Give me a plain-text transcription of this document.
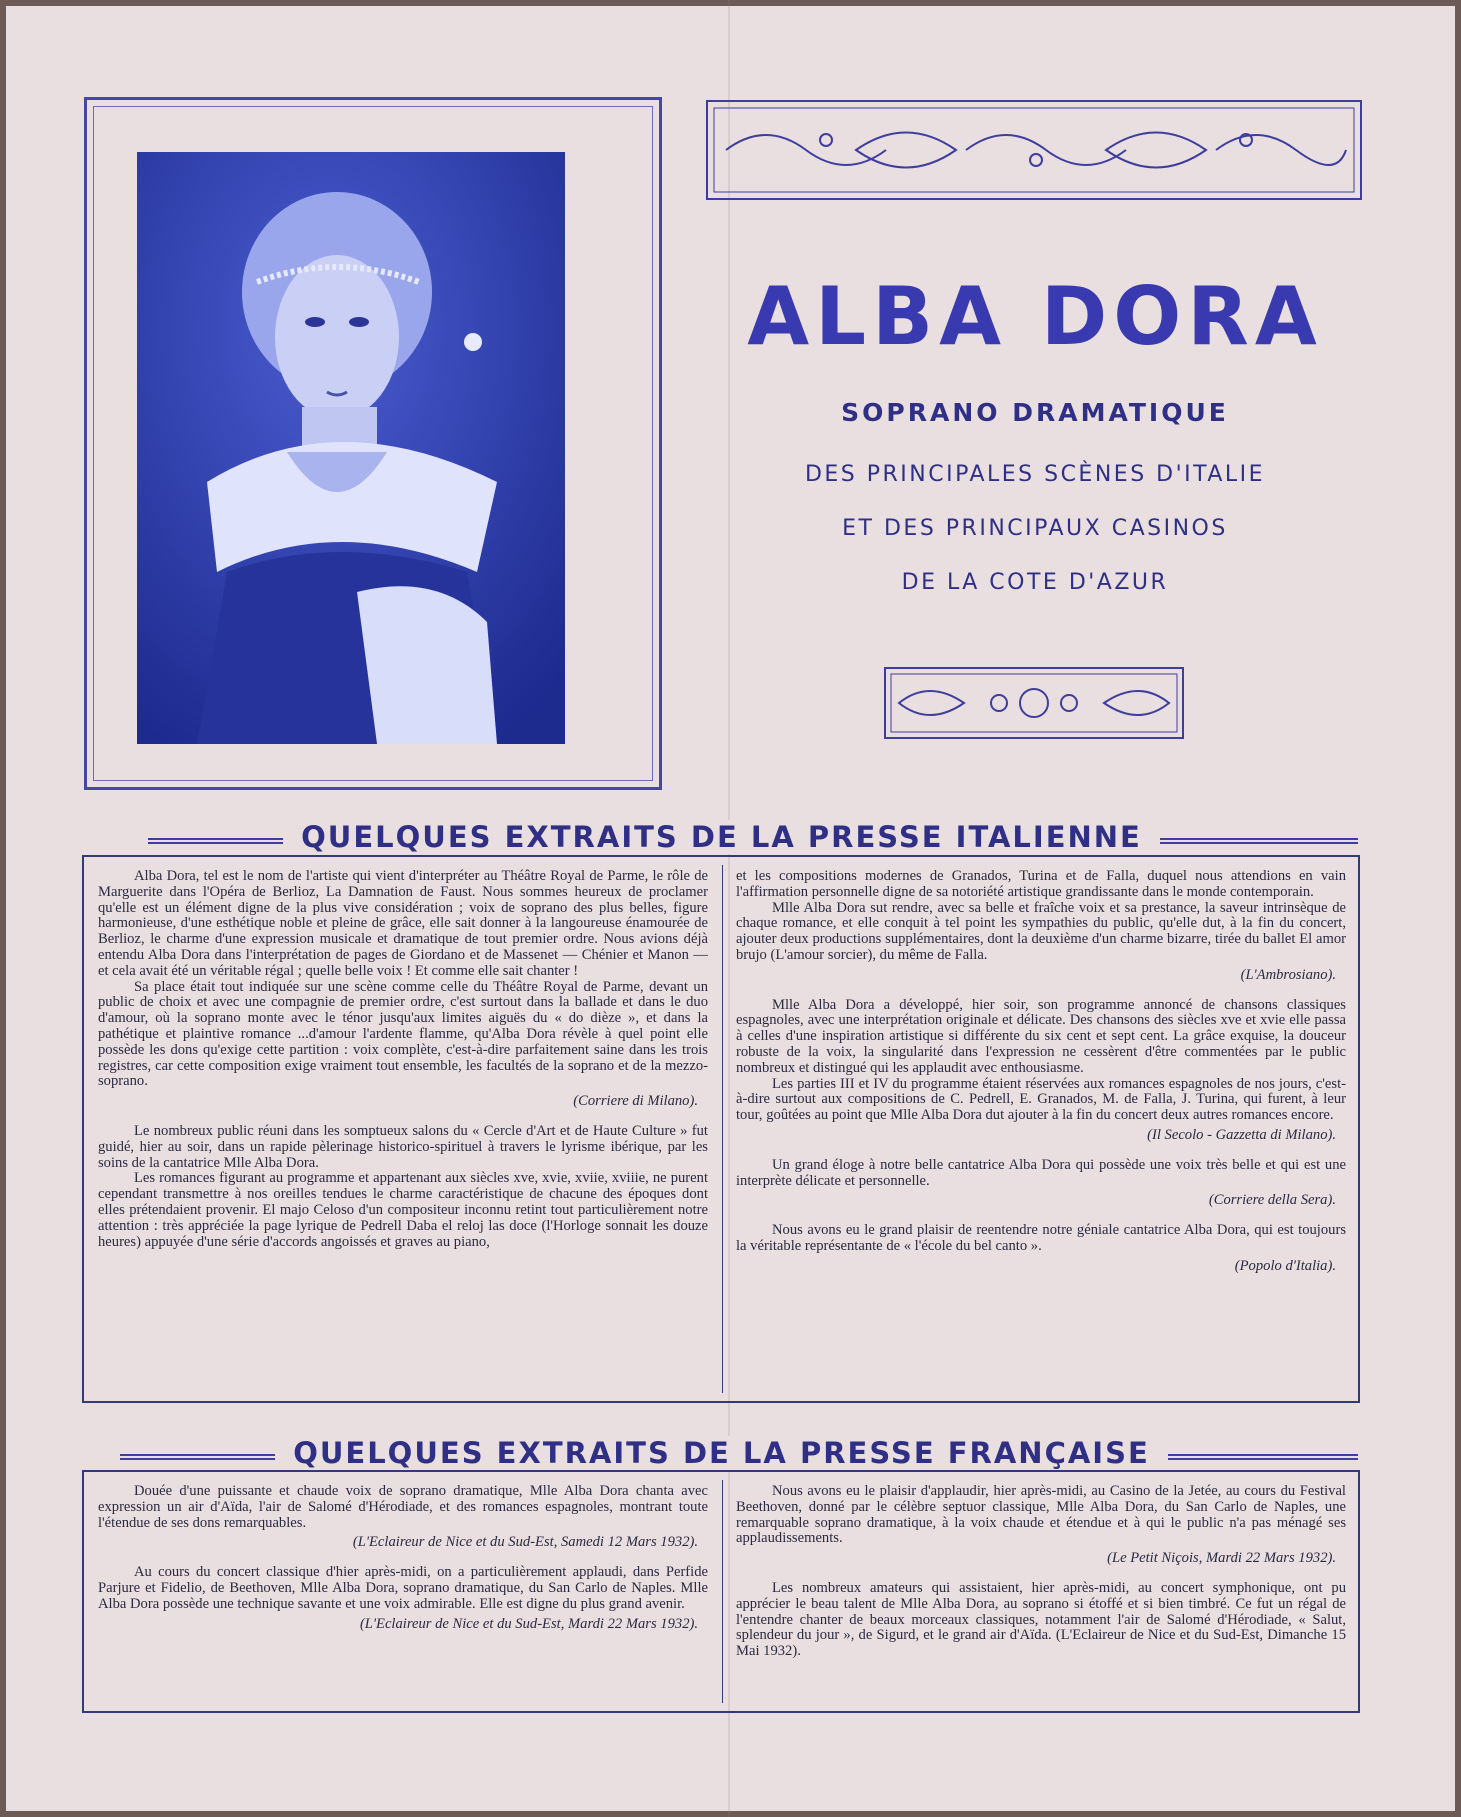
ALBA DORA
SOPRANO DRAMATIQUE
DES PRINCIPALES SCÈNES D'ITALIE
ET DES PRINCIPAUX CASINOS
DE LA COTE D'AZUR
QUELQUES EXTRAITS DE LA PRESSE ITALIENNE

Alba Dora, tel est le nom de l'artiste qui vient d'interpréter au Théâtre Royal de Parme, le rôle de Marguerite dans l'Opéra de Berlioz, La Damnation de Faust. Nous sommes heureux de proclamer qu'elle est un élément digne de la plus vive considération ; voix de soprano des plus belles, figure harmonieuse, d'une esthétique noble et pleine de grâce, elle sait donner à la langoureuse énamourée de Berlioz, le charme d'une expression musicale et dramatique de tout premier ordre. Nous avions déjà entendu Alba Dora dans l'interprétation de pages de Giordano et de Massenet — Chénier et Manon — et cela avait été un véritable régal ; quelle belle voix ! Et comme elle sait chanter !

Sa place était tout indiquée sur une scène comme celle du Théâtre Royal de Parme, devant un public de choix et avec une compagnie de premier ordre, c'est surtout dans la ballade et dans le duo d'amour, où la soprano monte avec le ténor jusqu'aux limites aiguës du « do dièze », et dans la pathétique et plaintive romance ...d'amour l'ardente flamme, qu'Alba Dora révèle à quel point elle possède les dons qu'exige cette partition : voix complète, c'est-à-dire parfaitement saine dans les trois registres, car cette composition exige vraiment tout ensemble, les facultés de la soprano et de la mezzo-soprano.

(Corriere di Milano).

Le nombreux public réuni dans les somptueux salons du « Cercle d'Art et de Haute Culture » fut guidé, hier au soir, dans un rapide pèlerinage historico-spirituel à travers le lyrisme ibérique, par les soins de la cantatrice Mlle Alba Dora.

Les romances figurant au programme et appartenant aux siècles xve, xvie, xviie, xviiie, ne purent cependant transmettre à nos oreilles tendues le charme caractéristique de chacune des époques dont elles prétendaient provenir. El majo Celoso d'un compositeur inconnu retint tout particulièrement notre attention : très appréciée la page lyrique de Pedrell Daba el reloj las doce (l'Horloge sonnait les douze heures) appuyée d'une série d'accords angoissés et graves au piano,

et les compositions modernes de Granados, Turina et de Falla, duquel nous attendions en vain l'affirmation personnelle digne de sa notoriété artistique grandissante dans le monde contemporain.

Mlle Alba Dora sut rendre, avec sa belle et fraîche voix et sa prestance, la saveur intrinsèque de chaque romance, et elle conquit à tel point les sympathies du public, qu'elle dut, à la fin du concert, ajouter deux productions supplémentaires, dont la deuxième d'un charme bizarre, tirée du ballet El amor brujo (L'amour sorcier), du même de Falla.

(L'Ambrosiano).

Mlle Alba Dora a développé, hier soir, son programme annoncé de chansons classiques espagnoles, avec une interprétation originale et délicate. Des chansons des siècles xve et xvie elle passa à celles d'une inspiration artistique si différente du six cent et sept cent. La grâce exquise, la douceur robuste de la voix, la singularité dans l'expression ne cessèrent d'être commentées par le public nombreux et distingué qui les applaudit avec enthousiasme.

Les parties III et IV du programme étaient réservées aux romances espagnoles de nos jours, c'est-à-dire surtout aux compositions de C. Pedrell, E. Granados, M. de Falla, J. Turina, qui furent, à leur tour, goûtées au point que Mlle Alba Dora dut ajouter à la fin du concert deux autres romances encore.

(Il Secolo - Gazzetta di Milano).

Un grand éloge à notre belle cantatrice Alba Dora qui possède une voix très belle et qui est une interprète délicate et personnelle.

(Corriere della Sera).

Nous avons eu le grand plaisir de reentendre notre géniale cantatrice Alba Dora, qui est toujours la véritable représentante de « l'école du bel canto ».

(Popolo d'Italia).

QUELQUES EXTRAITS DE LA PRESSE FRANÇAISE

Douée d'une puissante et chaude voix de soprano dramatique, Mlle Alba Dora chanta avec expression un air d'Aïda, l'air de Salomé d'Hérodiade, et des romances espagnoles, montrant toute l'étendue de ses dons remarquables.

(L'Eclaireur de Nice et du Sud-Est, Samedi 12 Mars 1932).

Au cours du concert classique d'hier après-midi, on a particulièrement applaudi, dans Perfide Parjure et Fidelio, de Beethoven, Mlle Alba Dora, soprano dramatique, du San Carlo de Naples. Mlle Alba Dora possède une technique savante et une voix admirable. Elle est digne du plus grand avenir.

(L'Eclaireur de Nice et du Sud-Est, Mardi 22 Mars 1932).

Nous avons eu le plaisir d'applaudir, hier après-midi, au Casino de la Jetée, au cours du Festival Beethoven, donné par le célèbre septuor classique, Mlle Alba Dora, du San Carlo de Naples, une remarquable soprano dramatique, à la voix chaude et étendue et à qui le public n'a pas ménagé ses applaudissements.

(Le Petit Niçois, Mardi 22 Mars 1932).

Les nombreux amateurs qui assistaient, hier après-midi, au concert symphonique, ont pu apprécier le beau talent de Mlle Alba Dora, au soprano si étoffé et si bien timbré. Ce fut un régal de l'entendre chanter de beaux morceaux classiques, notamment l'air de Salomé d'Hérodiade, « Salut, splendeur du jour », de Sigurd, et le grand air d'Aïda. (L'Eclaireur de Nice et du Sud-Est, Dimanche 15 Mai 1932).
